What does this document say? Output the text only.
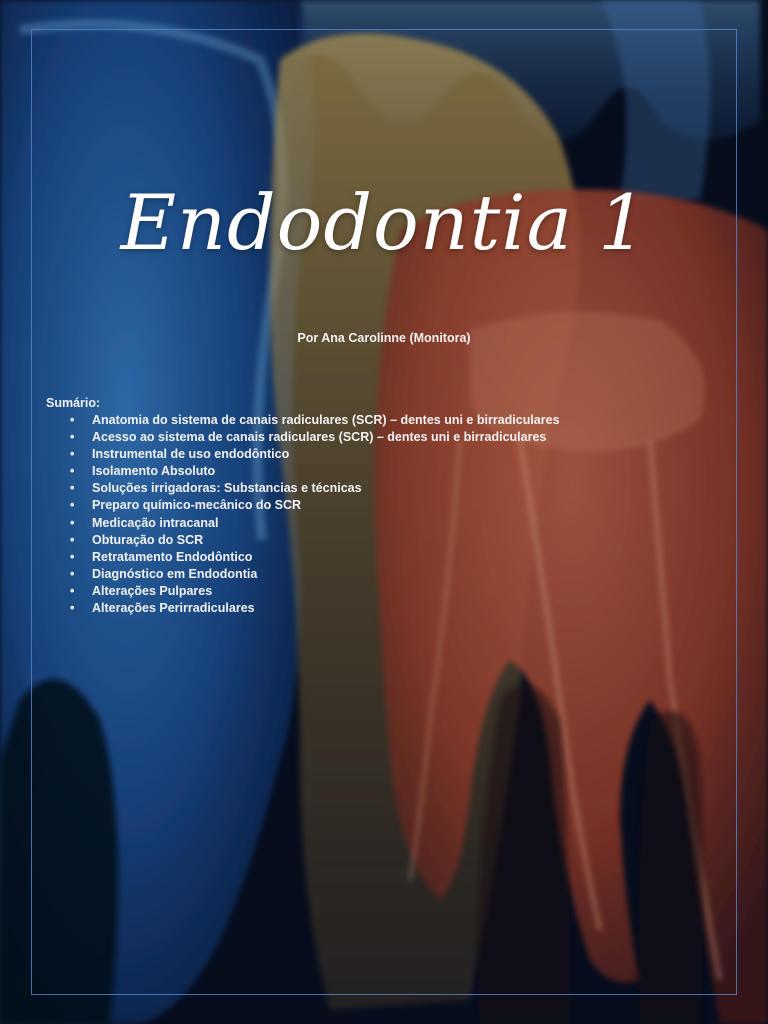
Endodontia 1
Por Ana Carolinne (Monitora)

Sumário:

• Anatomia do sistema de canais radiculares (SCR) – dentes uni e birradiculares
• Acesso ao sistema de canais radiculares (SCR) – dentes uni e birradiculares
• Instrumental de uso endodôntico
• Isolamento Absoluto
• Soluções irrigadoras: Substancias e técnicas
• Preparo químico-mecânico do SCR
• Medicação intracanal
• Obturação do SCR
• Retratamento Endodôntico
• Diagnóstico em Endodontia
• Alterações Pulpares
• Alterações Perirradiculares
